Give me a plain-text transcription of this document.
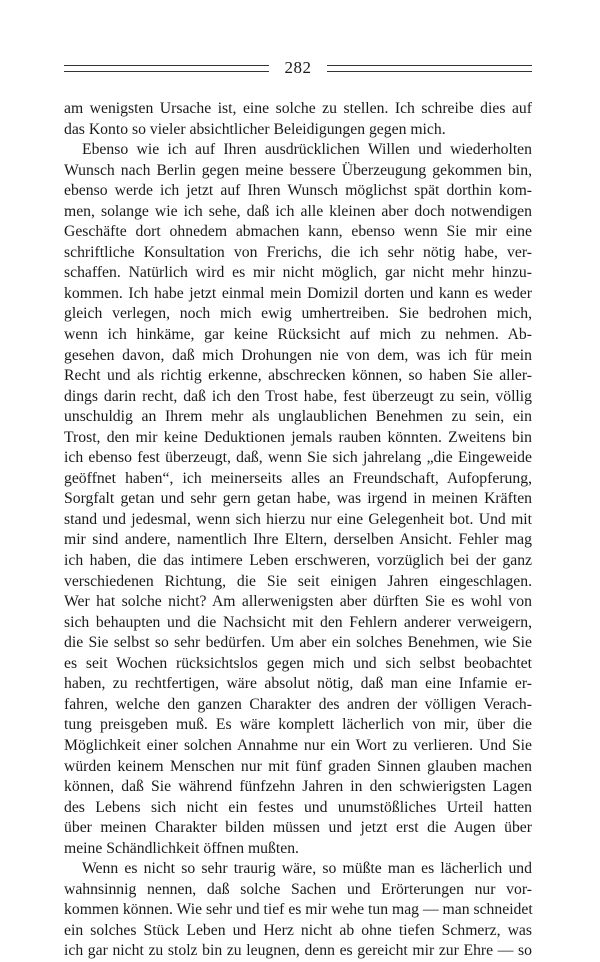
282
am wenigsten Ursache ist, eine solche zu stellen. Ich schreibe dies auf
das Konto so vieler absichtlicher Beleidigungen gegen mich.
Ebenso wie ich auf Ihren ausdrücklichen Willen und wiederholten
Wunsch nach Berlin gegen meine bessere Überzeugung gekommen bin,
ebenso werde ich jetzt auf Ihren Wunsch möglichst spät dorthin kom-
men, solange wie ich sehe, daß ich alle kleinen aber doch notwendigen
Geschäfte dort ohnedem abmachen kann, ebenso wenn Sie mir eine
schriftliche Konsultation von Frerichs, die ich sehr nötig habe, ver-
schaffen. Natürlich wird es mir nicht möglich, gar nicht mehr hinzu-
kommen. Ich habe jetzt einmal mein Domizil dorten und kann es weder
gleich verlegen, noch mich ewig umhertreiben. Sie bedrohen mich,
wenn ich hinkäme, gar keine Rücksicht auf mich zu nehmen. Ab-
gesehen davon, daß mich Drohungen nie von dem, was ich für mein
Recht und als richtig erkenne, abschrecken können, so haben Sie aller-
dings darin recht, daß ich den Trost habe, fest überzeugt zu sein, völlig
unschuldig an Ihrem mehr als unglaublichen Benehmen zu sein, ein
Trost, den mir keine Deduktionen jemals rauben könnten. Zweitens bin
ich ebenso fest überzeugt, daß, wenn Sie sich jahrelang „die Eingeweide
geöffnet haben“, ich meinerseits alles an Freundschaft, Aufopferung,
Sorgfalt getan und sehr gern getan habe, was irgend in meinen Kräften
stand und jedesmal, wenn sich hierzu nur eine Gelegenheit bot. Und mit
mir sind andere, namentlich Ihre Eltern, derselben Ansicht. Fehler mag
ich haben, die das intimere Leben erschweren, vorzüglich bei der ganz
verschiedenen Richtung, die Sie seit einigen Jahren eingeschlagen.
Wer hat solche nicht? Am allerwenigsten aber dürften Sie es wohl von
sich behaupten und die Nachsicht mit den Fehlern anderer verweigern,
die Sie selbst so sehr bedürfen. Um aber ein solches Benehmen, wie Sie
es seit Wochen rücksichtslos gegen mich und sich selbst beobachtet
haben, zu rechtfertigen, wäre absolut nötig, daß man eine Infamie er-
fahren, welche den ganzen Charakter des andren der völligen Verach-
tung preisgeben muß. Es wäre komplett lächerlich von mir, über die
Möglichkeit einer solchen Annahme nur ein Wort zu verlieren. Und Sie
würden keinem Menschen nur mit fünf graden Sinnen glauben machen
können, daß Sie während fünfzehn Jahren in den schwierigsten Lagen
des Lebens sich nicht ein festes und unumstößliches Urteil hatten
über meinen Charakter bilden müssen und jetzt erst die Augen über
meine Schändlichkeit öffnen mußten.
Wenn es nicht so sehr traurig wäre, so müßte man es lächerlich und
wahnsinnig nennen, daß solche Sachen und Erörterungen nur vor-
kommen können. Wie sehr und tief es mir wehe tun mag — man schneidet
ein solches Stück Leben und Herz nicht ab ohne tiefen Schmerz, was
ich gar nicht zu stolz bin zu leugnen, denn es gereicht mir zur Ehre — so
